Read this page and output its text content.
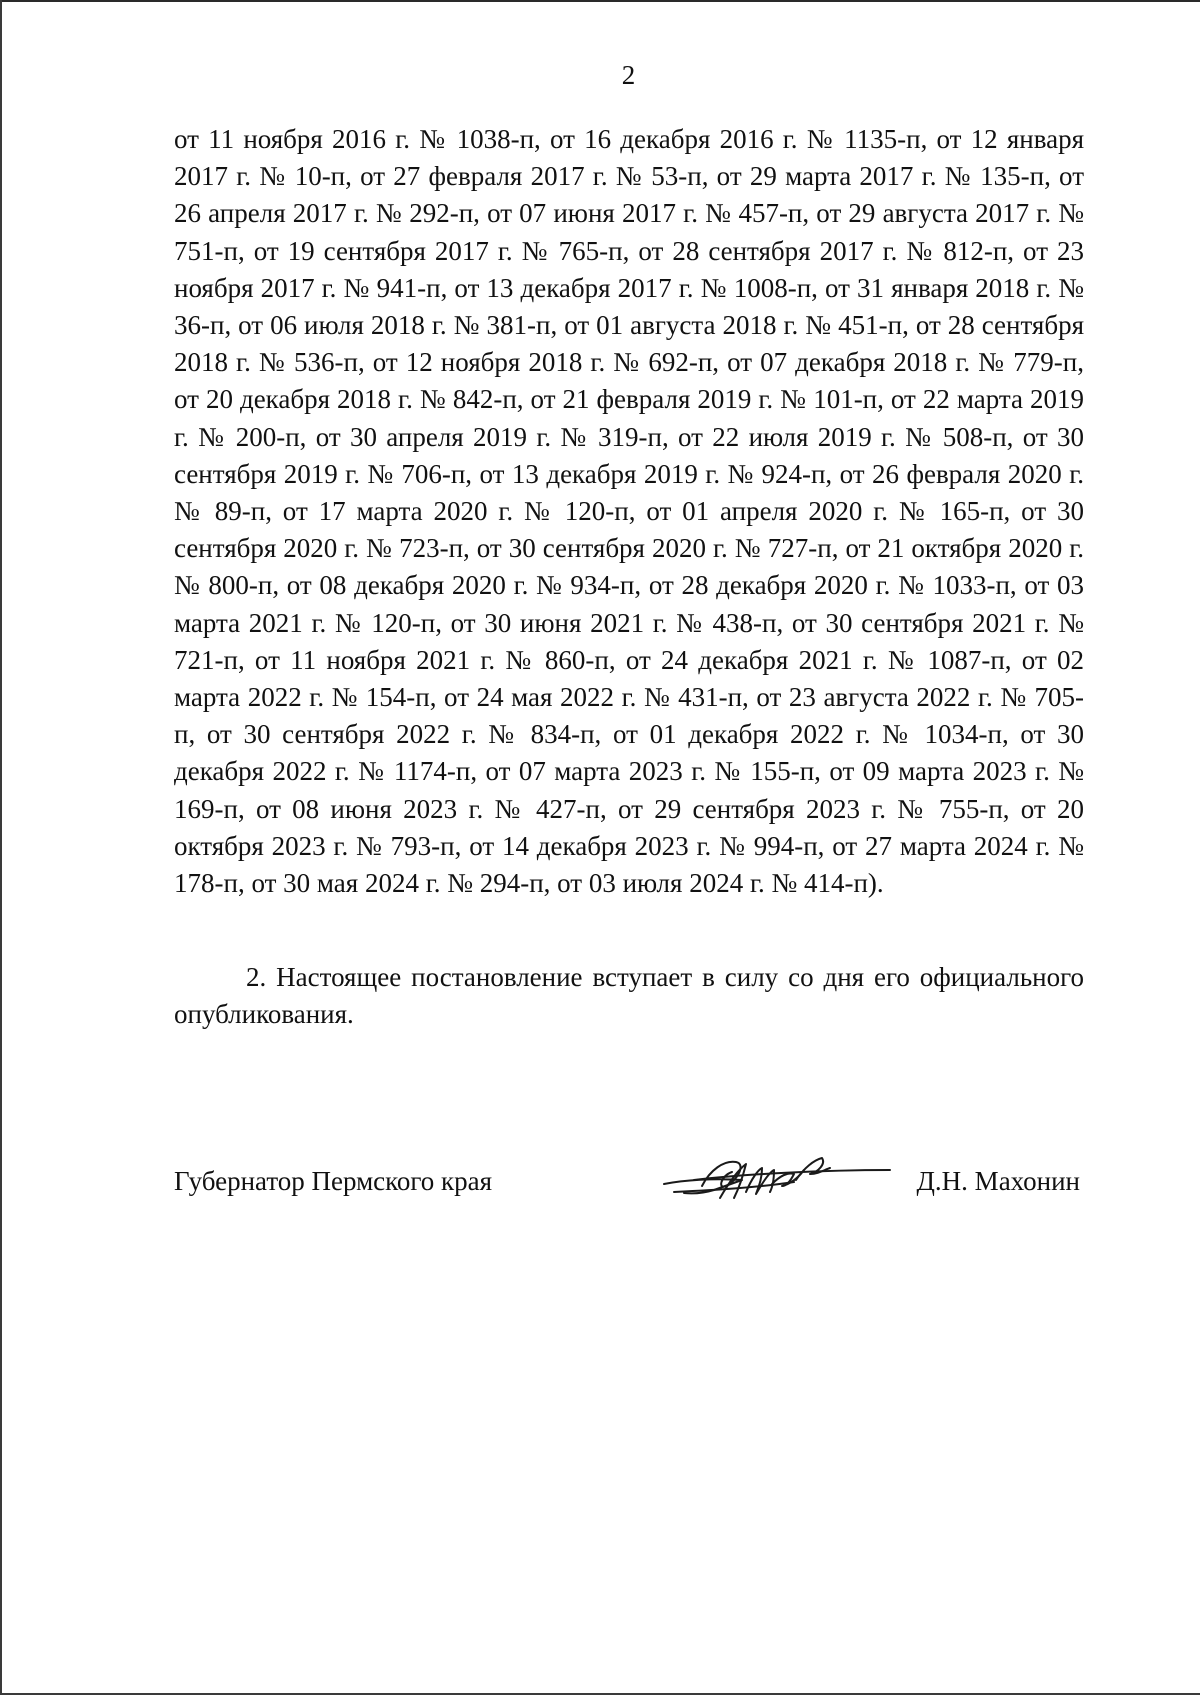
2

от 11 ноября 2016 г. № 1038-п, от 16 декабря 2016 г. № 1135-п, от 12 января 2017 г. № 10-п, от 27 февраля 2017 г. № 53-п, от 29 марта 2017 г. № 135-п, от 26 апреля 2017 г. № 292-п, от 07 июня 2017 г. № 457-п, от 29 августа 2017 г. № 751-п, от 19 сентября 2017 г. № 765-п, от 28 сентября 2017 г. № 812-п, от 23 ноября 2017 г. № 941-п, от 13 декабря 2017 г. № 1008-п, от 31 января 2018 г. № 36-п, от 06 июля 2018 г. № 381-п, от 01 августа 2018 г. № 451-п, от 28 сентября 2018 г. № 536-п, от 12 ноября 2018 г. № 692-п, от 07 декабря 2018 г. № 779-п, от 20 декабря 2018 г. № 842-п, от 21 февраля 2019 г. № 101-п, от 22 марта 2019 г. № 200-п, от 30 апреля 2019 г. № 319-п, от 22 июля 2019 г. № 508-п, от 30 сентября 2019 г. № 706-п, от 13 декабря 2019 г. № 924-п, от 26 февраля 2020 г. № 89-п, от 17 марта 2020 г. № 120-п, от 01 апреля 2020 г. № 165-п, от 30 сентября 2020 г. № 723-п, от 30 сентября 2020 г. № 727-п, от 21 октября 2020 г. № 800-п, от 08 декабря 2020 г. № 934-п, от 28 декабря 2020 г. № 1033-п, от 03 марта 2021 г. № 120-п, от 30 июня 2021 г. № 438-п, от 30 сентября 2021 г. № 721-п, от 11 ноября 2021 г. № 860-п, от 24 декабря 2021 г. № 1087-п, от 02 марта 2022 г. № 154-п, от 24 мая 2022 г. № 431-п, от 23 августа 2022 г. № 705-п, от 30 сентября 2022 г. № 834-п, от 01 декабря 2022 г. № 1034-п, от 30 декабря 2022 г. № 1174-п, от 07 марта 2023 г. № 155-п, от 09 марта 2023 г. № 169-п, от 08 июня 2023 г. № 427-п, от 29 сентября 2023 г. № 755-п, от 20 октября 2023 г. № 793-п, от 14 декабря 2023 г. № 994-п, от 27 марта 2024 г. № 178-п, от 30 мая 2024 г. № 294-п, от 03 июля 2024 г. № 414-п).

2. Настоящее постановление вступает в силу со дня его официального опубликования.

Губернатор Пермского края	Д.Н. Махонин
